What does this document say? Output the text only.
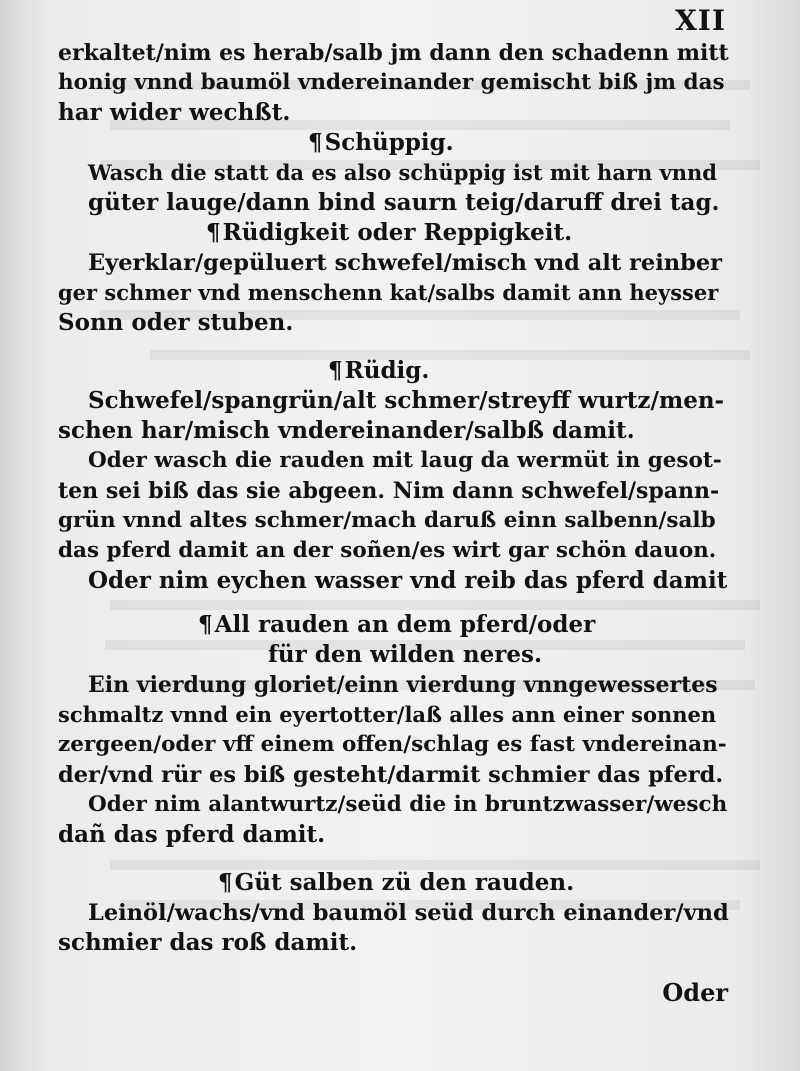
XII
erkaltet/nim es herab/salb jm dann den schadenn mitt
honig vnnd baumöl vndereinander gemischt biß jm das
har wider wechßt.
¶Schüppig.
Wasch die statt da es also schüppig ist mit harn vnnd
güter lauge/dann bind saurn teig/daruff drei tag.
¶Rüdigkeit oder Reppigkeit.
Eyerklar/gepüluert schwefel/misch vnd alt reinber
ger schmer vnd menschenn kat/salbs damit ann heysser
Sonn oder stuben.
¶Rüdig.
Schwefel/spangrün/alt schmer/streyff wurtz/men-
schen har/misch vndereinander/salbß damit.
Oder wasch die rauden mit laug da wermüt in gesot-
ten sei biß das sie abgeen. Nim dann schwefel/spann-
grün vnnd altes schmer/mach daruß einn salbenn/salb
das pferd damit an der soñen/es wirt gar schön dauon.
Oder nim eychen wasser vnd reib das pferd damit
¶All rauden an dem pferd/oder
für den wilden neres.
Ein vierdung gloriet/einn vierdung vnngewessertes
schmaltz vnnd ein eyertotter/laß alles ann einer sonnen
zergeen/oder vff einem offen/schlag es fast vndereinan-
der/vnd rür es biß gesteht/darmit schmier das pferd.
Oder nim alantwurtz/seüd die in bruntzwasser/wesch
dañ das pferd damit.
¶Güt salben zü den rauden.
Leinöl/wachs/vnd baumöl seüd durch einander/vnd
schmier das roß damit.
Oder
